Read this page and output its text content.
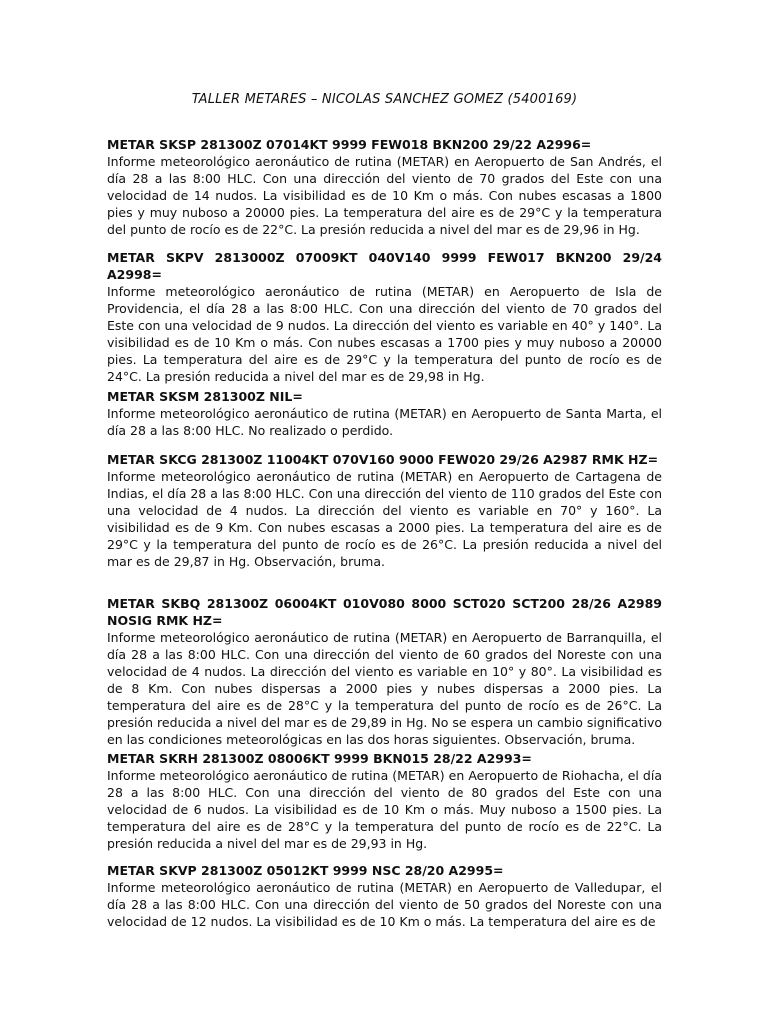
TALLER METARES – NICOLAS SANCHEZ GOMEZ (5400169)

METAR SKSP 281300Z 07014KT 9999 FEW018 BKN200 29/22 A2996=

Informe meteorológico aeronáutico de rutina (METAR) en Aeropuerto de San Andrés, el día 28 a las 8:00 HLC. Con una dirección del viento de 70 grados del Este con una velocidad de 14 nudos. La visibilidad es de 10 Km o más. Con nubes escasas a 1800 pies y muy nuboso a 20000 pies. La temperatura del aire es de 29°C y la temperatura del punto de rocío es de 22°C. La presión reducida a nivel del mar es de 29,96 in Hg.

METAR SKPV 2813000Z 07009KT 040V140 9999 FEW017 BKN200 29/24 A2998=

Informe meteorológico aeronáutico de rutina (METAR) en Aeropuerto de Isla de Providencia, el día 28 a las 8:00 HLC. Con una dirección del viento de 70 grados del Este con una velocidad de 9 nudos. La dirección del viento es variable en 40° y 140°. La visibilidad es de 10 Km o más. Con nubes escasas a 1700 pies y muy nuboso a 20000 pies. La temperatura del aire es de 29°C y la temperatura del punto de rocío es de 24°C. La presión reducida a nivel del mar es de 29,98 in Hg.

METAR SKSM 281300Z NIL=

Informe meteorológico aeronáutico de rutina (METAR) en Aeropuerto de Santa Marta, el día 28 a las 8:00 HLC. No realizado o perdido.

METAR SKCG 281300Z 11004KT 070V160 9000 FEW020 29/26 A2987 RMK HZ=

Informe meteorológico aeronáutico de rutina (METAR) en Aeropuerto de Cartagena de Indias, el día 28 a las 8:00 HLC. Con una dirección del viento de 110 grados del Este con una velocidad de 4 nudos. La dirección del viento es variable en 70° y 160°. La visibilidad es de 9 Km. Con nubes escasas a 2000 pies. La temperatura del aire es de 29°C y la temperatura del punto de rocío es de 26°C. La presión reducida a nivel del mar es de 29,87 in Hg. Observación, bruma.

METAR SKBQ 281300Z 06004KT 010V080 8000 SCT020 SCT200 28/26 A2989 NOSIG RMK HZ=

Informe meteorológico aeronáutico de rutina (METAR) en Aeropuerto de Barranquilla, el día 28 a las 8:00 HLC. Con una dirección del viento de 60 grados del Noreste con una velocidad de 4 nudos. La dirección del viento es variable en 10° y 80°. La visibilidad es de 8 Km. Con nubes dispersas a 2000 pies y nubes dispersas a 2000 pies. La temperatura del aire es de 28°C y la temperatura del punto de rocío es de 26°C. La presión reducida a nivel del mar es de 29,89 in Hg. No se espera un cambio significativo en las condiciones meteorológicas en las dos horas siguientes. Observación, bruma.

METAR SKRH 281300Z 08006KT 9999 BKN015 28/22 A2993=

Informe meteorológico aeronáutico de rutina (METAR) en Aeropuerto de Riohacha, el día 28 a las 8:00 HLC. Con una dirección del viento de 80 grados del Este con una velocidad de 6 nudos. La visibilidad es de 10 Km o más. Muy nuboso a 1500 pies. La temperatura del aire es de 28°C y la temperatura del punto de rocío es de 22°C. La presión reducida a nivel del mar es de 29,93 in Hg.

METAR SKVP 281300Z 05012KT 9999 NSC 28/20 A2995=

Informe meteorológico aeronáutico de rutina (METAR) en Aeropuerto de Valledupar, el día 28 a las 8:00 HLC. Con una dirección del viento de 50 grados del Noreste con una velocidad de 12 nudos. La visibilidad es de 10 Km o más. La temperatura del aire es de
